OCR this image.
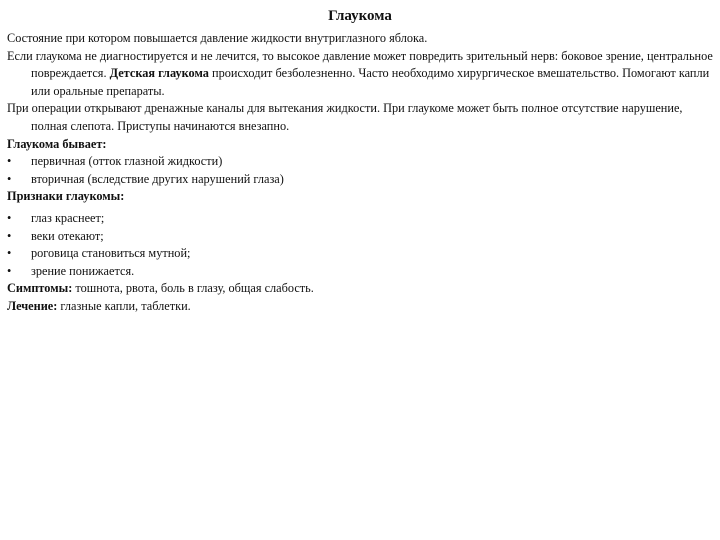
Глаукома

Состояние при котором повышается давление жидкости внутриглазного яблока.

Если глаукома не диагностируется и не лечится, то высокое давление может повредить зрительный нерв: боковое зрение, центральное повреждается. Детская глаукома происходит безболезненно. Часто необходимо хирургическое вмешательство. Помогают капли или оральные препараты.

При операции открывают дренажные каналы для вытекания жидкости. При глаукоме может быть полное отсутствие нарушение, полная слепота. Приступы начинаются внезапно.

Глаукома бывает:

• первичная (отток глазной жидкости)

• вторичная (вследствие других нарушений глаза)

Признаки глаукомы:

• глаз краснеет;

• веки отекают;

• роговица становиться мутной;

• зрение понижается.

Симптомы: тошнота, рвота, боль в глазу, общая слабость.

Лечение: глазные капли, таблетки.
